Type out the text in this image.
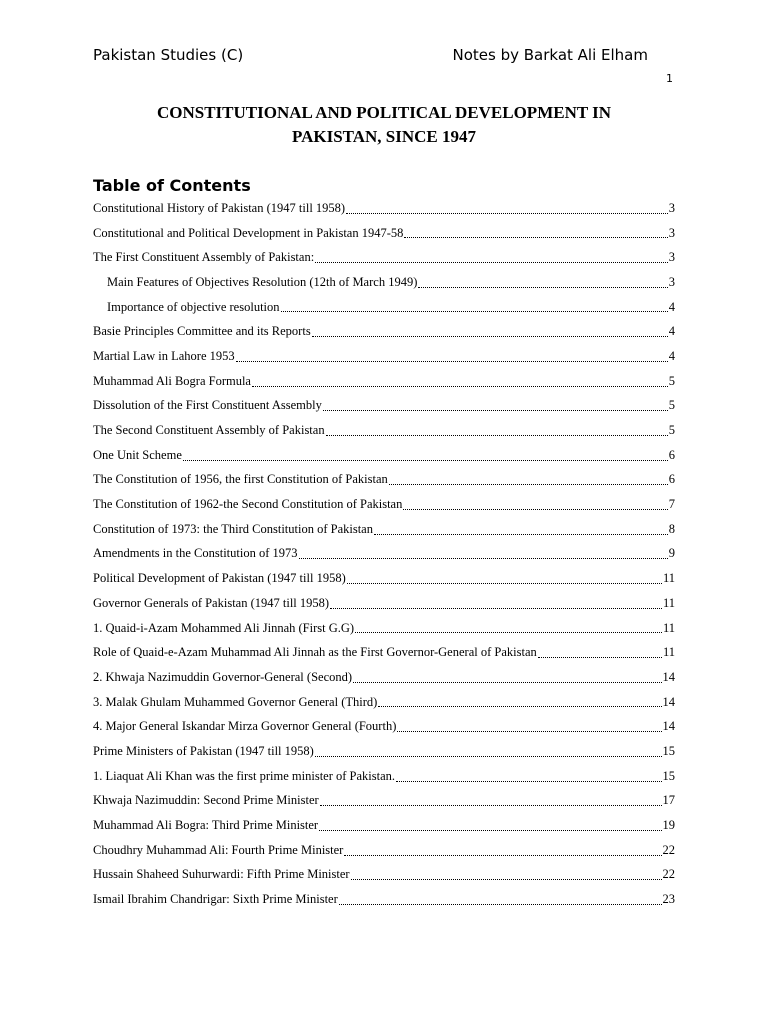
Pakistan Studies (C)	Notes by Barkat Ali Elham
1
CONSTITUTIONAL AND POLITICAL DEVELOPMENT IN
PAKISTAN, SINCE 1947
Table of Contents
Constitutional History of Pakistan (1947 till 1958)	3
Constitutional and Political Development in Pakistan 1947-58	3
The First Constituent Assembly of Pakistan:	3
Main Features of Objectives Resolution (12th of March 1949)	3
Importance of objective resolution	4
Basie Principles Committee and its Reports	4
Martial Law in Lahore 1953	4
Muhammad Ali Bogra Formula	5
Dissolution of the First Constituent Assembly	5
The Second Constituent Assembly of Pakistan	5
One Unit Scheme	6
The Constitution of 1956, the first Constitution of Pakistan	6
The Constitution of 1962-the Second Constitution of Pakistan	7
Constitution of 1973: the Third Constitution of Pakistan	8
Amendments in the Constitution of 1973	9
Political Development of Pakistan (1947 till 1958)	11
Governor Generals of Pakistan (1947 till 1958)	11
1. Quaid-i-Azam Mohammed Ali Jinnah (First G.G)	11
Role of Quaid-e-Azam Muhammad Ali Jinnah as the First Governor-General of Pakistan	11
2. Khwaja Nazimuddin Governor-General (Second)	14
3. Malak Ghulam Muhammed Governor General (Third)	14
4. Major General Iskandar Mirza Governor General (Fourth)	14
Prime Ministers of Pakistan (1947 till 1958)	15
1. Liaquat Ali Khan was the first prime minister of Pakistan.	15
Khwaja Nazimuddin: Second Prime Minister	17
Muhammad Ali Bogra: Third Prime Minister	19
Choudhry Muhammad Ali: Fourth Prime Minister	22
Hussain Shaheed Suhurwardi: Fifth Prime Minister	22
Ismail Ibrahim Chandrigar: Sixth Prime Minister	23
